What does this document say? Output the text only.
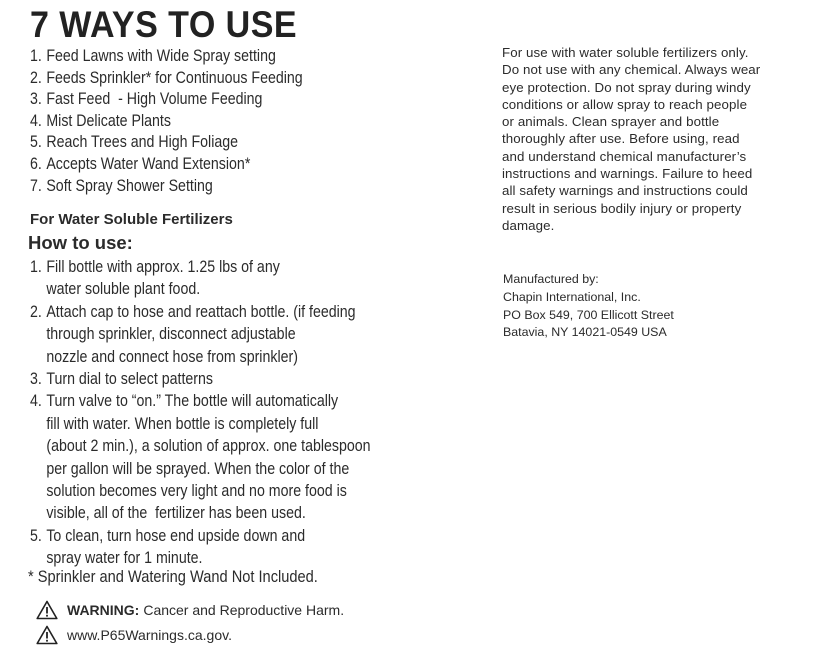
7 WAYS TO USE
1. Feed Lawns with Wide Spray setting
2. Feeds Sprinkler* for Continuous Feeding
3. Fast Feed  - High Volume Feeding
4. Mist Delicate Plants
5. Reach Trees and High Foliage
6. Accepts Water Wand Extension*
7. Soft Spray Shower Setting
For Water Soluble Fertilizers
How to use:
1. Fill bottle with approx. 1.25 lbs of any
water soluble plant food.
2. Attach cap to hose and reattach bottle. (if feeding
through sprinkler, disconnect adjustable
nozzle and connect hose from sprinkler)
3. Turn dial to select patterns
4. Turn valve to “on.” The bottle will automatically
fill with water. When bottle is completely full
(about 2 min.), a solution of approx. one tablespoon
per gallon will be sprayed. When the color of the
solution becomes very light and no more food is
visible, all of the  fertilizer has been used.
5. To clean, turn hose end upside down and
spray water for 1 minute.
* Sprinkler and Watering Wand Not Included.
WARNING: Cancer and Reproductive Harm.
www.P65Warnings.ca.gov.
For use with water soluble fertilizers only.
Do not use with any chemical. Always wear
eye protection. Do not spray during windy
conditions or allow spray to reach people
or animals. Clean sprayer and bottle
thoroughly after use. Before using, read
and understand chemical manufacturer’s
instructions and warnings. Failure to heed
all safety warnings and instructions could
result in serious bodily injury or property
damage.
Manufactured by:
Chapin International, Inc.
PO Box 549, 700 Ellicott Street
Batavia, NY 14021-0549 USA
